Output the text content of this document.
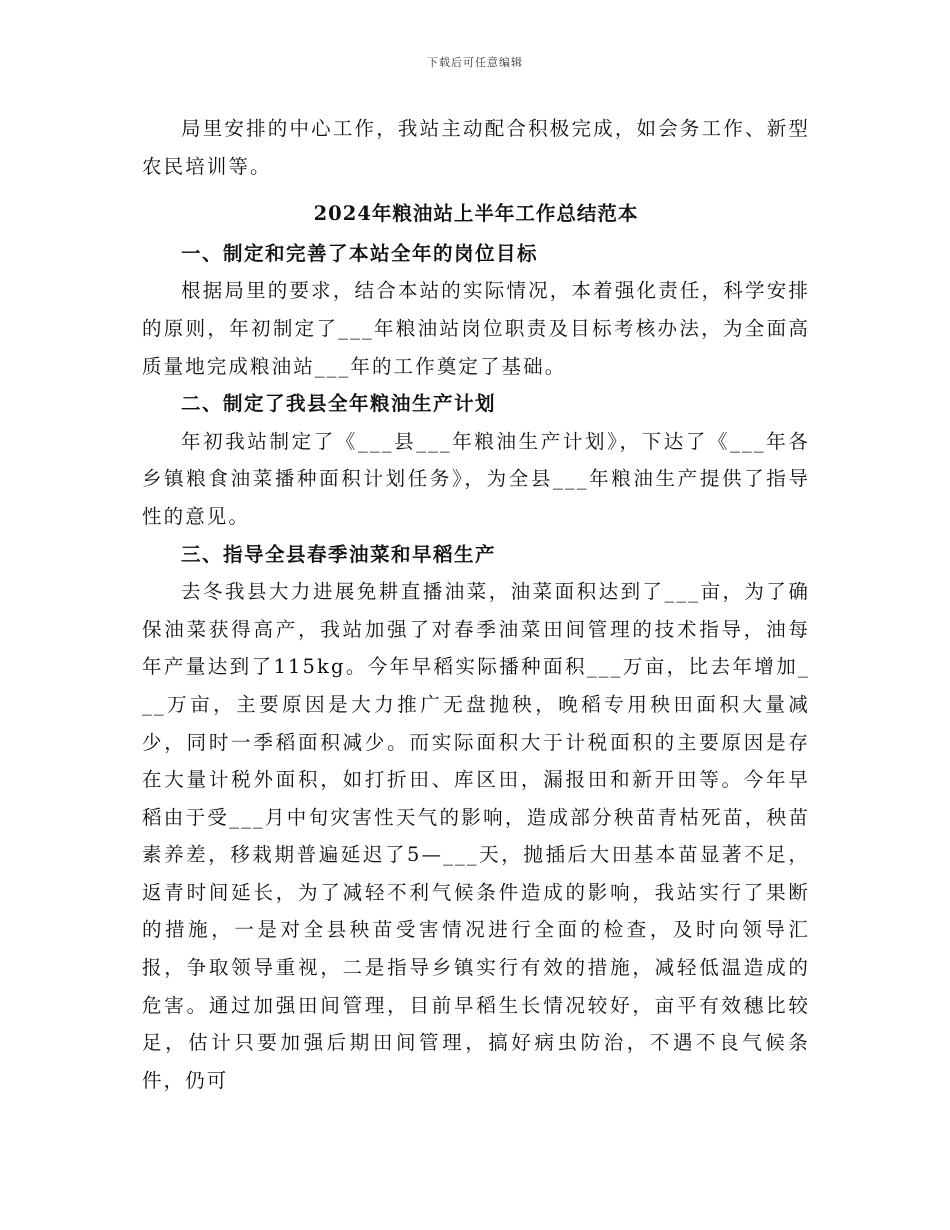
下载后可任意编辑

局里安排的中心工作，我站主动配合积极完成，如会务工作、新型农民培训等。

2024年粮油站上半年工作总结范本
一、制定和完善了本站全年的岗位目标

根据局里的要求，结合本站的实际情况，本着强化责任，科学安排的原则，年初制定了___年粮油站岗位职责及目标考核办法，为全面高质量地完成粮油站___年的工作奠定了基础。

二、制定了我县全年粮油生产计划

年初我站制定了《___县___年粮油生产计划》，下达了《___年各乡镇粮食油菜播种面积计划任务》，为全县___年粮油生产提供了指导性的意见。

三、指导全县春季油菜和早稻生产

去冬我县大力进展免耕直播油菜，油菜面积达到了___亩，为了确保油菜获得高产，我站加强了对春季油菜田间管理的技术指导，油每年产量达到了115kg。今年早稻实际播种面积___万亩，比去年增加___万亩，主要原因是大力推广无盘抛秧，晚稻专用秧田面积大量减少，同时一季稻面积减少。而实际面积大于计税面积的主要原因是存在大量计税外面积，如打折田、库区田，漏报田和新开田等。今年早稻由于受___月中旬灾害性天气的影响，造成部分秧苗青枯死苗，秧苗素养差，移栽期普遍延迟了5—___天，抛插后大田基本苗显著不足，返青时间延长，为了减轻不利气候条件造成的影响，我站实行了果断的措施，一是对全县秧苗受害情况进行全面的检查，及时向领导汇报，争取领导重视，二是指导乡镇实行有效的措施，减轻低温造成的危害。通过加强田间管理，目前早稻生长情况较好，亩平有效穗比较足，估计只要加强后期田间管理，搞好病虫防治，不遇不良气候条件，仍可
